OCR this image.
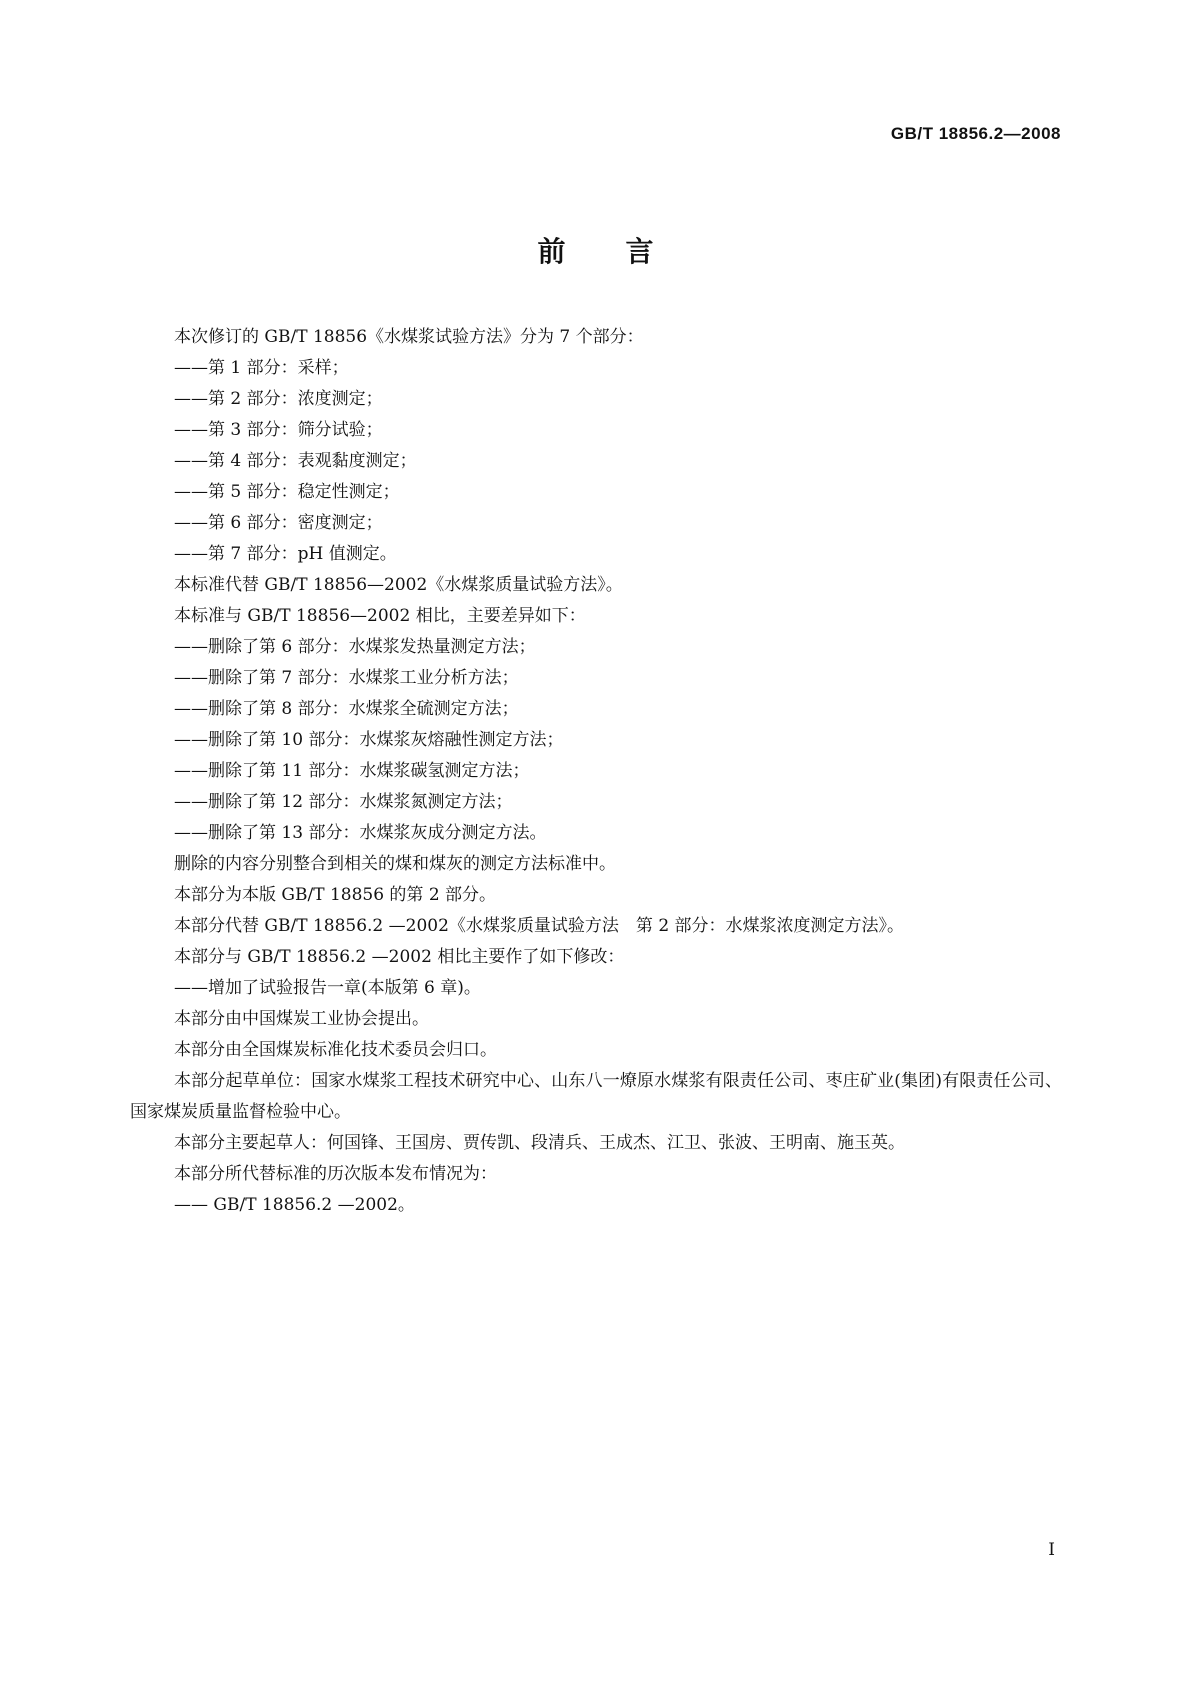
GB/T 18856.2—2008
前言

本次修订的 GB/T 18856《水煤浆试验方法》分为 7 个部分：

——第 1 部分：采样；

——第 2 部分：浓度测定；

——第 3 部分：筛分试验；

——第 4 部分：表观黏度测定；

——第 5 部分：稳定性测定；

——第 6 部分：密度测定；

——第 7 部分：pH 值测定。

本标准代替 GB/T 18856—2002《水煤浆质量试验方法》。

本标准与 GB/T 18856—2002 相比，主要差异如下：

——删除了第 6 部分：水煤浆发热量测定方法；

——删除了第 7 部分：水煤浆工业分析方法；

——删除了第 8 部分：水煤浆全硫测定方法；

——删除了第 10 部分：水煤浆灰熔融性测定方法；

——删除了第 11 部分：水煤浆碳氢测定方法；

——删除了第 12 部分：水煤浆氮测定方法；

——删除了第 13 部分：水煤浆灰成分测定方法。

删除的内容分别整合到相关的煤和煤灰的测定方法标准中。

本部分为本版 GB/T 18856 的第 2 部分。

本部分代替 GB/T 18856.2 —2002《水煤浆质量试验方法　第 2 部分：水煤浆浓度测定方法》。

本部分与 GB/T 18856.2 —2002 相比主要作了如下修改：

——增加了试验报告一章(本版第 6 章)。

本部分由中国煤炭工业协会提出。

本部分由全国煤炭标准化技术委员会归口。

本部分起草单位：国家水煤浆工程技术研究中心、山东八一燎原水煤浆有限责任公司、枣庄矿业(集团)有限责任公司、国家煤炭质量监督检验中心。

本部分主要起草人：何国锋、王国房、贾传凯、段清兵、王成杰、江卫、张波、王明南、施玉英。

本部分所代替标准的历次版本发布情况为：

—— GB/T 18856.2 —2002。

I
